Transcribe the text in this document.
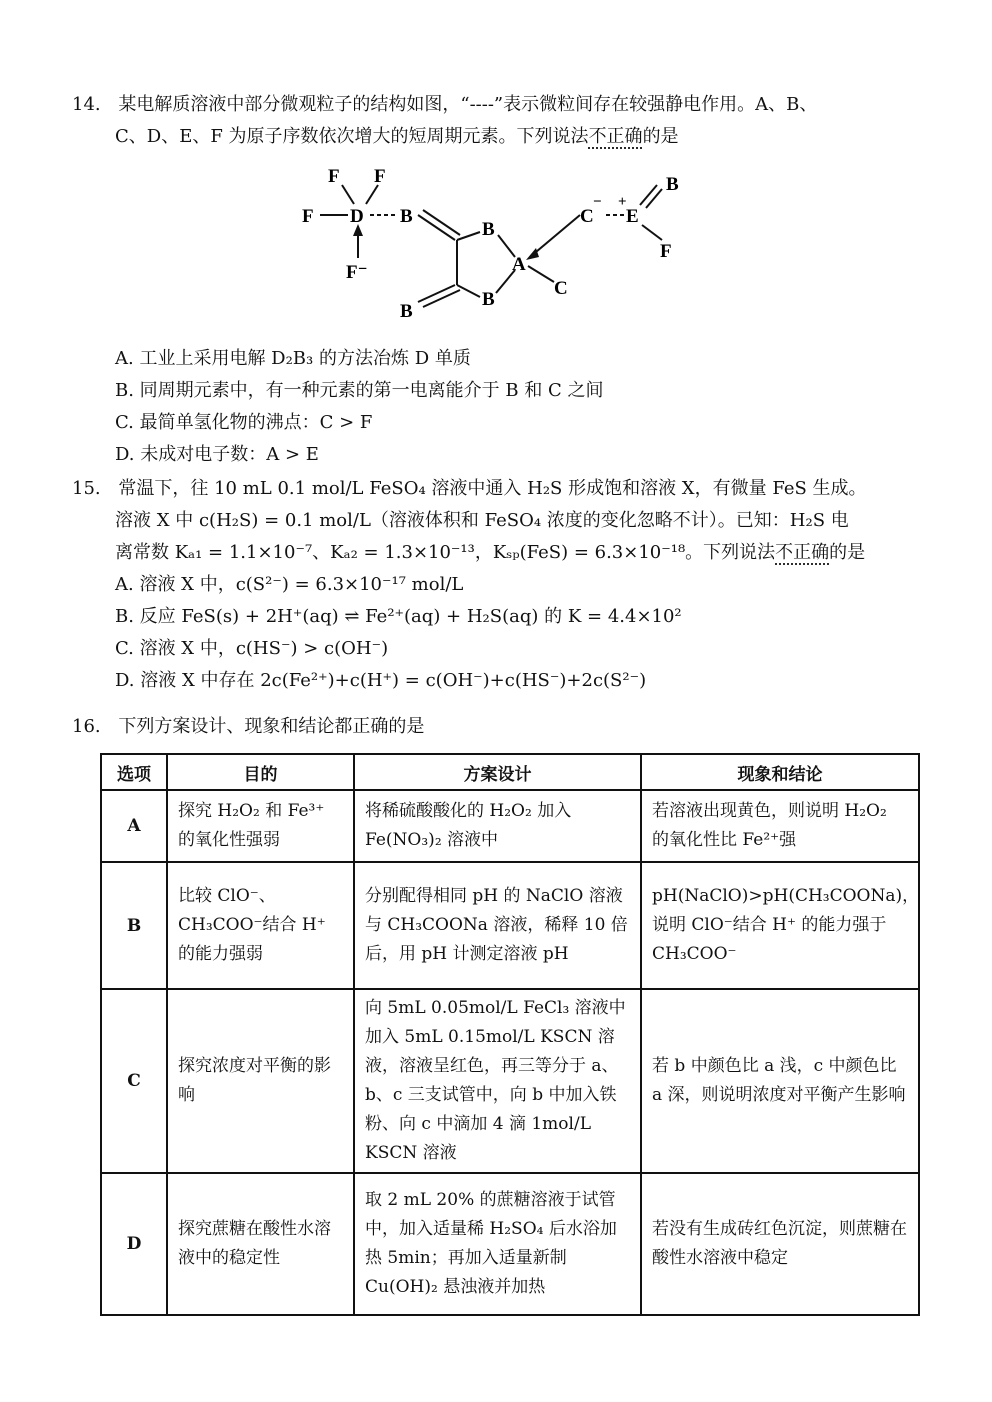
14. 某电解质溶液中部分微观粒子的结构如图，“----”表示微粒间存在较强静电作用。A、B、
C、D、E、F 为原子序数依次增大的短周期元素。下列说法不正确的是
F F
F D B
F⁻
B
B
A
C
B
B
C E
F
− +
A. 工业上采用电解 D₂B₃ 的方法冶炼 D 单质
B. 同周期元素中，有一种元素的第一电离能介于 B 和 C 之间
C. 最简单氢化物的沸点：C > F
D. 未成对电子数：A > E
15. 常温下，往 10 mL 0.1 mol/L FeSO₄ 溶液中通入 H₂S 形成饱和溶液 X，有微量 FeS 生成。
溶液 X 中 c(H₂S) = 0.1 mol/L（溶液体积和 FeSO₄ 浓度的变化忽略不计）。已知：H₂S 电
离常数 Kₐ₁ = 1.1×10⁻⁷、Kₐ₂ = 1.3×10⁻¹³，Kₛₚ(FeS) = 6.3×10⁻¹⁸。下列说法不正确的是
A. 溶液 X 中，c(S²⁻) = 6.3×10⁻¹⁷ mol/L
B. 反应 FeS(s) + 2H⁺(aq) ⇌ Fe²⁺(aq) + H₂S(aq) 的 K = 4.4×10²
C. 溶液 X 中，c(HS⁻) > c(OH⁻)
D. 溶液 X 中存在 2c(Fe²⁺)+c(H⁺) = c(OH⁻)+c(HS⁻)+2c(S²⁻)
16. 下列方案设计、现象和结论都正确的是
选项	目的	方案设计	现象和结论
A	探究 H₂O₂ 和 Fe³⁺ 的氧化性强弱	将稀硫酸酸化的 H₂O₂ 加入 Fe(NO₃)₂ 溶液中	若溶液出现黄色，则说明 H₂O₂ 的氧化性比 Fe²⁺强
B	比较 ClO⁻、CH₃COO⁻结合 H⁺ 的能力强弱	分别配得相同 pH 的 NaClO 溶液与 CH₃COONa 溶液，稀释 10 倍后，用 pH 计测定溶液 pH	pH(NaClO)>pH(CH₃COONa)，说明 ClO⁻结合 H⁺ 的能力强于 CH₃COO⁻
C	探究浓度对平衡的影响	向 5mL 0.05mol/L FeCl₃ 溶液中加入 5mL 0.15mol/L KSCN 溶液，溶液呈红色，再三等分于 a、b、c 三支试管中，向 b 中加入铁粉、向 c 中滴加 4 滴 1mol/L KSCN 溶液	若 b 中颜色比 a 浅，c 中颜色比 a 深，则说明浓度对平衡产生影响
D	探究蔗糖在酸性水溶液中的稳定性	取 2 mL 20% 的蔗糖溶液于试管中，加入适量稀 H₂SO₄ 后水浴加热 5min；再加入适量新制 Cu(OH)₂ 悬浊液并加热	若没有生成砖红色沉淀，则蔗糖在酸性水溶液中稳定
